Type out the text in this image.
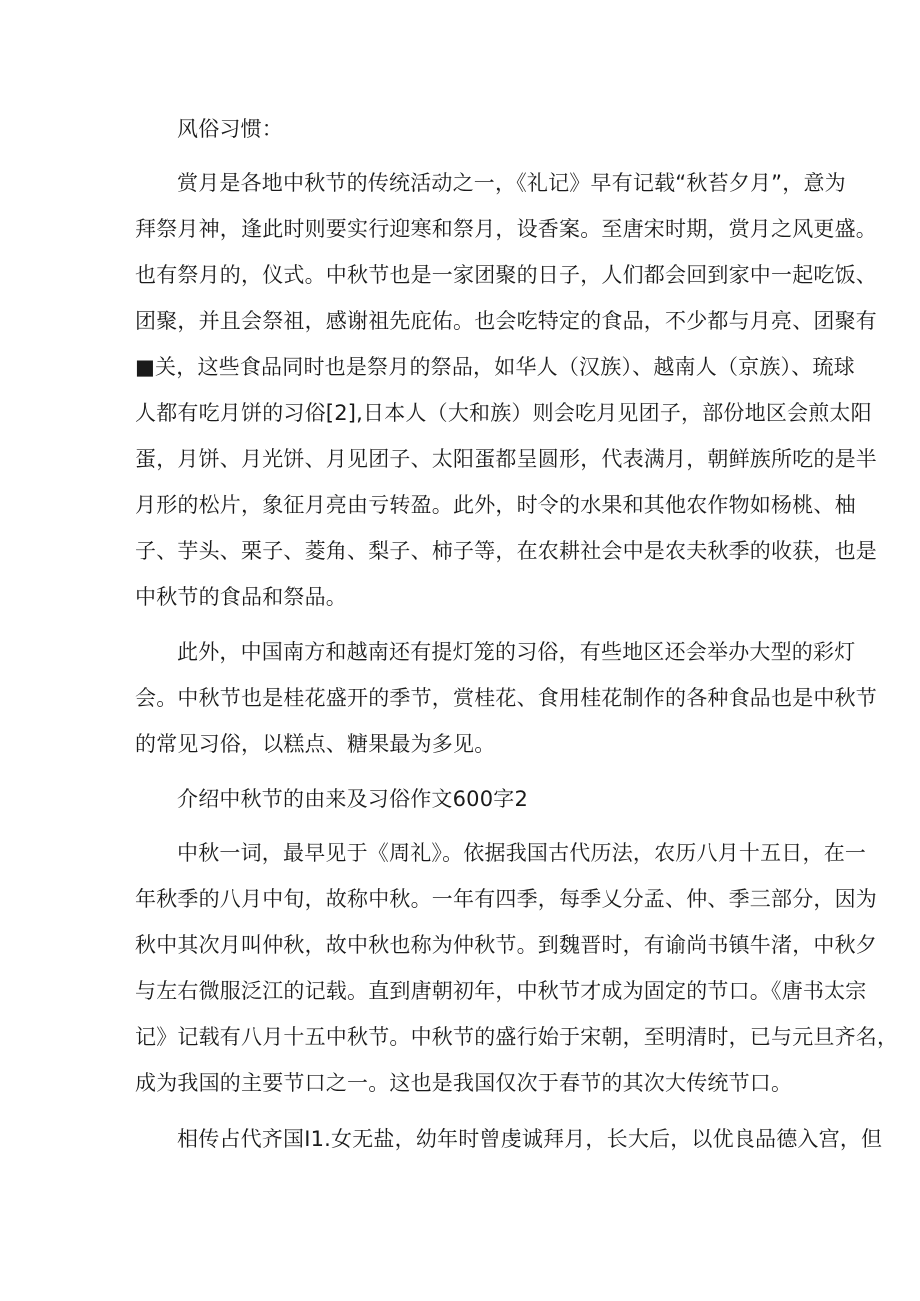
风俗习惯：
赏月是各地中秋节的传统活动之一，《礼记》早有记载“秋苔夕月”，意为
拜祭月神，逢此时则要实行迎寒和祭月，设香案。至唐宋时期，赏月之风更盛。
也有祭月的，仪式。中秋节也是一家团聚的日子，人们都会回到家中一起吃饭、
团聚，并且会祭祖，感谢祖先庇佑。也会吃特定的食品，不少都与月亮、团聚有
■关，这些食品同时也是祭月的祭品，如华人（汉族）、越南人（京族）、琉球
人都有吃月饼的习俗[2],日本人（大和族）则会吃月见团子，部份地区会煎太阳
蛋，月饼、月光饼、月见团子、太阳蛋都呈圆形，代表满月，朝鲜族所吃的是半
月形的松片，象征月亮由亏转盈。此外，时令的水果和其他农作物如杨桃、柚
子、芋头、栗子、菱角、梨子、柿子等，在农耕社会中是农夫秋季的收获，也是
中秋节的食品和祭品。
此外，中国南方和越南还有提灯笼的习俗，有些地区还会举办大型的彩灯
会。中秋节也是桂花盛开的季节，赏桂花、食用桂花制作的各种食品也是中秋节
的常见习俗，以糕点、糖果最为多见。
介绍中秋节的由来及习俗作文600字2
中秋一词，最早见于《周礼》。依据我国古代历法，农历八月十五日，在一
年秋季的八月中旬，故称中秋。一年有四季，每季乂分孟、仲、季三部分，因为
秋中其次月叫仲秋，故中秋也称为仲秋节。到魏晋时，有谕尚书镇牛渚，中秋夕
与左右微服泛江的记载。直到唐朝初年，中秋节才成为固定的节口。《唐书太宗
记》记载有八月十五中秋节。中秋节的盛行始于宋朝，至明清时，已与元旦齐名，
成为我国的主要节口之一。这也是我国仅次于春节的其次大传统节口。
相传占代齐国I1.女无盐，幼年时曾虔诚拜月，长大后，以优良品德入宫，但
